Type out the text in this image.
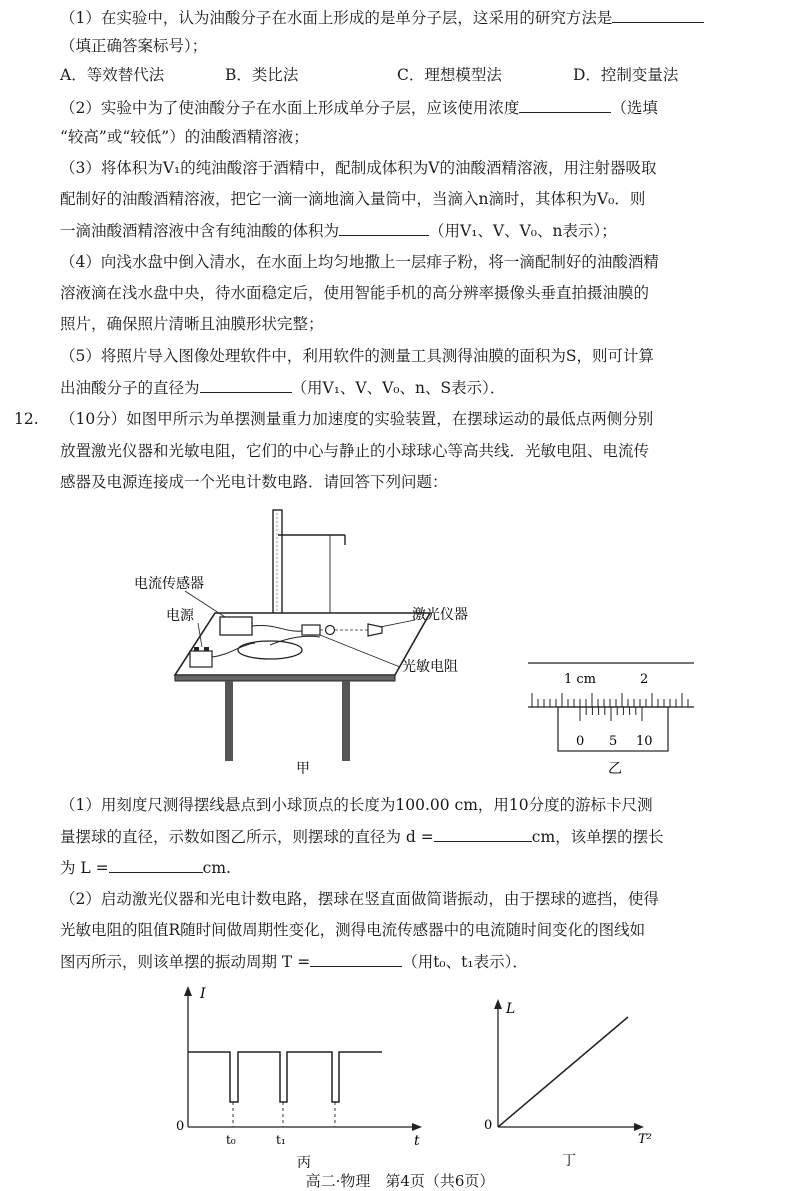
（1）在实验中，认为油酸分子在水面上形成的是单分子层，这采用的研究方法是
（填正确答案标号）；
A．等效替代法	B．类比法	C．理想模型法	D．控制变量法
（2）实验中为了使油酸分子在水面上形成单分子层，应该使用浓度	（选填
“较高”或“较低”）的油酸酒精溶液；
（3）将体积为V₁的纯油酸溶于酒精中，配制成体积为V的油酸酒精溶液，用注射器吸取
配制好的油酸酒精溶液，把它一滴一滴地滴入量筒中，当滴入n滴时，其体积为V₀．则
一滴油酸酒精溶液中含有纯油酸的体积为	（用V₁、V、V₀、n表示）；
（4）向浅水盘中倒入清水，在水面上均匀地撒上一层痱子粉，将一滴配制好的油酸酒精
溶液滴在浅水盘中央，待水面稳定后，使用智能手机的高分辨率摄像头垂直拍摄油膜的
照片，确保照片清晰且油膜形状完整；
（5）将照片导入图像处理软件中，利用软件的测量工具测得油膜的面积为S，则可计算
出油酸分子的直径为	（用V₁、V、V₀、n、S表示）．
12. （10分）如图甲所示为单摆测量重力加速度的实验装置，在摆球运动的最低点两侧分别
放置激光仪器和光敏电阻，它们的中心与静止的小球球心等高共线．光敏电阻、电流传
感器及电源连接成一个光电计数电路．请回答下列问题：
电流传感器
电源	激光仪器
光敏电阻
甲
1 cm	2
0 5 10
乙
（1）用刻度尺测得摆线悬点到小球顶点的长度为100.00 cm，用10分度的游标卡尺测
量摆球的直径，示数如图乙所示，则摆球的直径为 d =	cm，该单摆的摆长
为 L =	cm.
（2）启动激光仪器和光电计数电路，摆球在竖直面做简谐振动，由于摆球的遮挡，使得
光敏电阻的阻值R随时间做周期性变化，测得电流传感器中的电流随时间变化的图线如
图丙所示，则该单摆的振动周期 T =	（用t₀、t₁表示）．
I
t
0
t₀	t₁
丙
L
T²
0
丁
高二·物理　第4页（共6页）
